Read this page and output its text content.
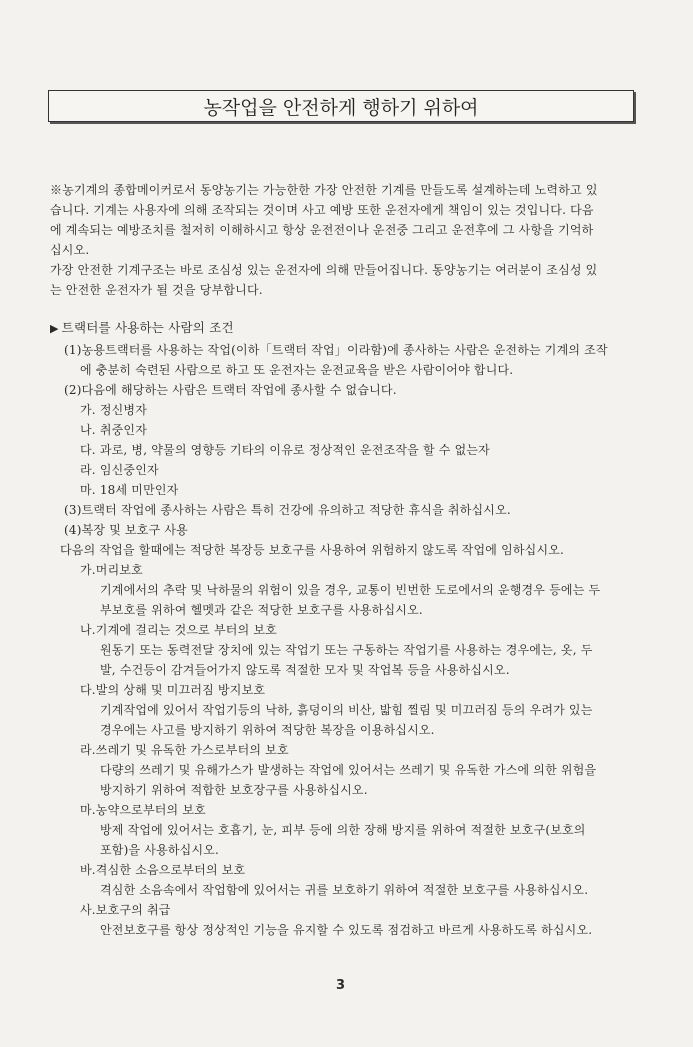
농작업을 안전하게 행하기 위하여
※농기계의 종합메이커로서 동양농기는 가능한한 가장 안전한 기계를 만들도록 설계하는데 노력하고 있
습니다. 기계는 사용자에 의해 조작되는 것이며 사고 예방 또한 운전자에게 책임이 있는 것입니다. 다음
에 계속되는 예방조치를 철저히 이해하시고 항상 운전전이나 운전중 그리고 운전후에 그 사항을 기억하
십시오.
가장 안전한 기계구조는 바로 조심성 있는 운전자에 의해 만들어집니다. 동양농기는 여러분이 조심성 있
는 안전한 운전자가 될 것을 당부합니다.
▶ 트랙터를 사용하는 사람의 조건
(1)농용트랙터를 사용하는 작업(이하「트랙터 작업」이라함)에 종사하는 사람은 운전하는 기계의 조작
에 충분히 숙련된 사람으로 하고 또 운전자는 운전교육을 받은 사람이어야 합니다.
(2)다음에 해당하는 사람은 트랙터 작업에 종사할 수 없습니다.
가. 정신병자
나. 취중인자
다. 과로, 병, 약물의 영향등 기타의 이유로 정상적인 운전조작을 할 수 없는자
라. 임신중인자
마. 18세 미만인자
(3)트랙터 작업에 종사하는 사람은 특히 건강에 유의하고 적당한 휴식을 취하십시오.
(4)복장 및 보호구 사용
다음의 작업을 할때에는 적당한 복장등 보호구를 사용하여 위험하지 않도록 작업에 임하십시오.
가.머리보호
기계에서의 추락 및 낙하물의 위험이 있을 경우, 교통이 빈번한 도로에서의 운행경우 등에는 두
부보호를 위하여 헬멧과 같은 적당한 보호구를 사용하십시오.
나.기계에 걸리는 것으로 부터의 보호
원동기 또는 동력전달 장치에 있는 작업기 또는 구동하는 작업기를 사용하는 경우에는, 옷, 두
발, 수건등이 감겨들어가지 않도록 적절한 모자 및 작업복 등을 사용하십시오.
다.발의 상해 및 미끄러짐 방지보호
기계작업에 있어서 작업기등의 낙하, 흙덩이의 비산, 밟힘 찔림 및 미끄러짐 등의 우려가 있는
경우에는 사고를 방지하기 위하여 적당한 복장을 이용하십시오.
라.쓰레기 및 유독한 가스로부터의 보호
다량의 쓰레기 및 유해가스가 발생하는 작업에 있어서는 쓰레기 및 유독한 가스에 의한 위험을
방지하기 위하여 적합한 보호장구를 사용하십시오.
마.농약으로부터의 보호
방제 작업에 있어서는 호흡기, 눈, 피부 등에 의한 장해 방지를 위하여 적절한 보호구(보호의
포함)을 사용하십시오.
바.격심한 소음으로부터의 보호
격심한 소음속에서 작업함에 있어서는 귀를 보호하기 위하여 적절한 보호구를 사용하십시오.
사.보호구의 취급
안전보호구를 항상 정상적인 기능을 유지할 수 있도록 점검하고 바르게 사용하도록 하십시오.
3
